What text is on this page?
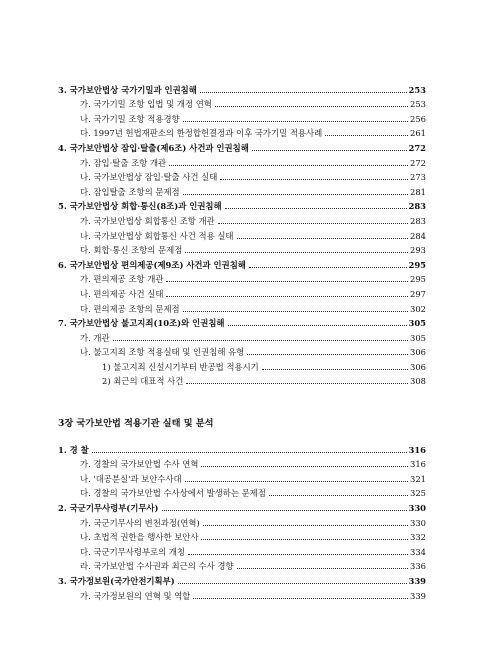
3. 국가보안법상 국가기밀과 인권침해	253
가. 국가기밀 조항 입법 및 개정 연혁	253
나. 국가기밀 조항 적용경향	256
다. 1997년 헌법재판소의 한정합헌결정과 이후 국가기밀 적용사례	261
4. 국가보안법상 잠입·탈출(제6조) 사건과 인권침해	272
가. 잠입·탈출 조항 개관	272
나. 국가보안법상 잠입·탈출 사건 실태	273
다. 잠입탈출 조항의 문제점	281
5. 국가보안법상 회합·통신(8조)과 인권침해	283
가. 국가보안법상 회합통신 조항 개관	283
나. 국가보안법상 회합통신 사건 적용 실태	284
다. 회합·통신 조항의 문제점	293
6. 국가보안법상 편의제공(제9조) 사건과 인권침해	295
가. 편의제공 조항 개관	295
나. 편의제공 사건 실태	297
다. 편의제공 조항의 문제점	302
7. 국가보안법상 불고지죄(10조)와 인권침해	305
가. 개관	305
나. 불고지죄 조항 적용실태 및 인권침해 유형	306
1) 불고지죄 신설시기부터 반공법 적용시기	306
2) 최근의 대표적 사건	308
3장 국가보안법 적용기관 실태 및 분석
1. 경 찰	316
가. 경찰의 국가보안법 수사 연혁	316
나. '대공분실'과 보안수사대	321
다. 경찰의 국가보안법 수사상에서 발생하는 문제점	325
2. 국군기무사령부(기무사)	330
가. 국군기무사의 변천과정(연혁)	330
나. 초법적 권한을 행사한 보안사	332
다. 국군기무사령부로의 개칭	334
라. 국가보안법 수사권과 최근의 수사 경향	336
3. 국가정보원(국가안전기획부)	339
가. 국가정보원의 연혁 및 역할	339
